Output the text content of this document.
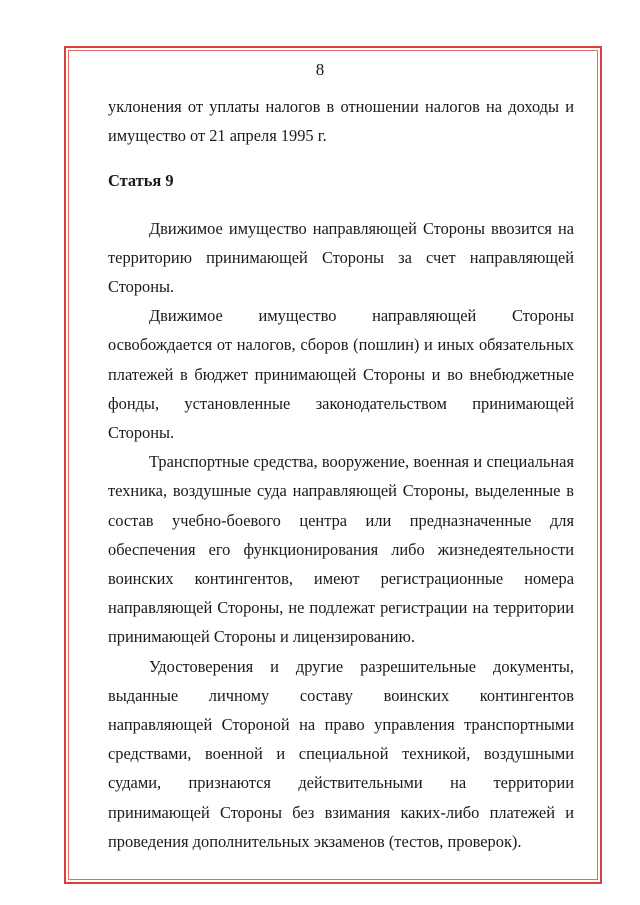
8

уклонения от уплаты налогов в отношении налогов на доходы и имущество от 21 апреля 1995 г.

Статья 9

Движимое имущество направляющей Стороны ввозится на территорию принимающей Стороны за счет направляющей Стороны.

Движимое имущество направляющей Стороны освобождается от налогов, сборов (пошлин) и иных обязательных платежей в бюджет принимающей Стороны и во внебюджетные фонды, установленные законодательством принимающей Стороны.

Транспортные средства, вооружение, военная и специальная техника, воздушные суда направляющей Стороны, выделенные в состав учебно-боевого центра или предназначенные для обеспечения его функционирования либо жизнедеятельности воинских контингентов, имеют регистрационные номера направляющей Стороны, не подлежат регистрации на территории принимающей Стороны и лицензированию.

Удостоверения и другие разрешительные документы, выданные личному составу воинских контингентов направляющей Стороной на право управления транспортными средствами, военной и специальной техникой, воздушными судами, признаются действительными на территории принимающей Стороны без взимания каких-либо платежей и проведения дополнительных экзаменов (тестов, проверок).
